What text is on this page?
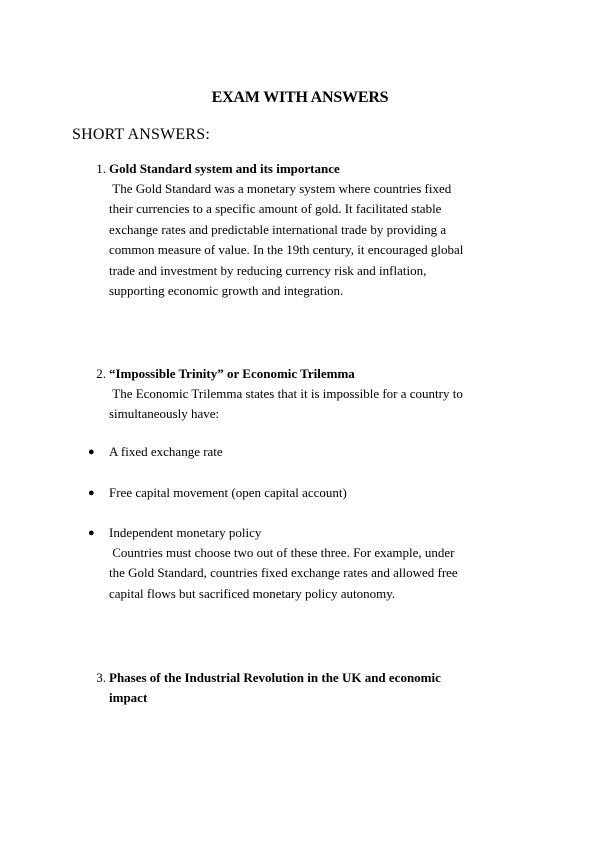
EXAM WITH ANSWERS
SHORT ANSWERS:
1. Gold Standard system and its importance
The Gold Standard was a monetary system where countries fixed
their currencies to a specific amount of gold. It facilitated stable
exchange rates and predictable international trade by providing a
common measure of value. In the 19th century, it encouraged global
trade and investment by reducing currency risk and inflation,
supporting economic growth and integration.
2. “Impossible Trinity” or Economic Trilemma
The Economic Trilemma states that it is impossible for a country to
simultaneously have:
● A fixed exchange rate
● Free capital movement (open capital account)
● Independent monetary policy
Countries must choose two out of these three. For example, under
the Gold Standard, countries fixed exchange rates and allowed free
capital flows but sacrificed monetary policy autonomy.
3. Phases of the Industrial Revolution in the UK and economic
impact
